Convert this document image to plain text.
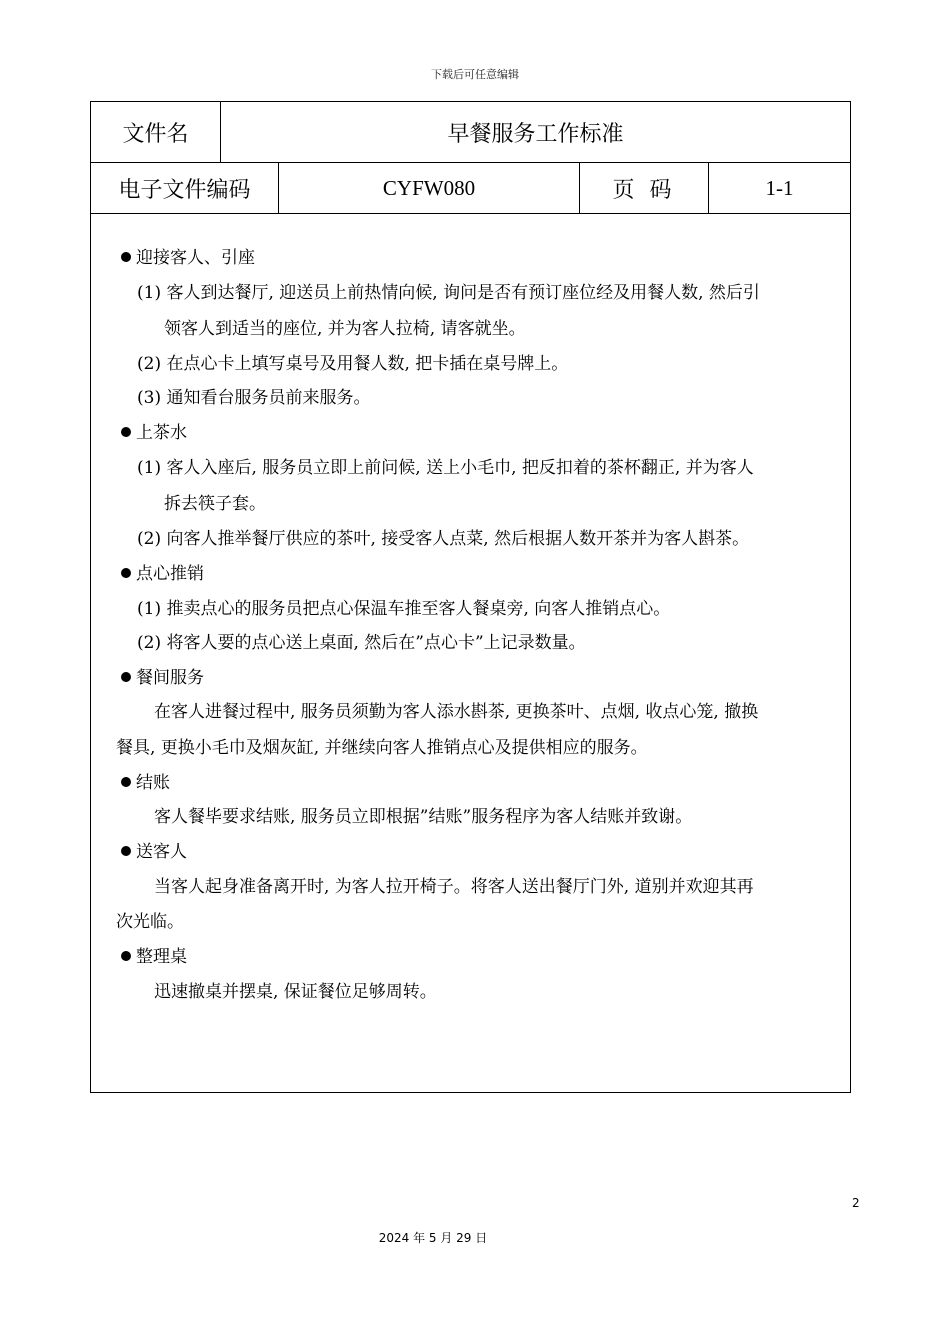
下载后可任意编辑
文件名	早餐服务工作标准
电子文件编码	CYFW080	页 码	1-1
迎接客人、引座
(1) 客人到达餐厅, 迎送员上前热情向候, 询问是否有预订座位经及用餐人数, 然后引
领客人到适当的座位, 并为客人拉椅, 请客就坐。
(2) 在点心卡上填写桌号及用餐人数, 把卡插在桌号牌上。
(3) 通知看台服务员前来服务。
上茶水
(1) 客人入座后, 服务员立即上前问候, 送上小毛巾, 把反扣着的茶杯翻正, 并为客人
拆去筷子套。
(2) 向客人推举餐厅供应的茶叶, 接受客人点菜, 然后根据人数开茶并为客人斟茶。
点心推销
(1) 推卖点心的服务员把点心保温车推至客人餐桌旁, 向客人推销点心。
(2) 将客人要的点心送上桌面, 然后在”点心卡”上记录数量。
餐间服务
在客人进餐过程中, 服务员须勤为客人添水斟茶, 更换茶叶、点烟, 收点心笼, 撤换
餐具, 更换小毛巾及烟灰缸, 并继续向客人推销点心及提供相应的服务。
结账
客人餐毕要求结账, 服务员立即根据”结账”服务程序为客人结账并致谢。
送客人
当客人起身准备离开时, 为客人拉开椅子。将客人送出餐厅门外, 道别并欢迎其再
次光临。
整理桌
迅速撤桌并摆桌, 保证餐位足够周转。
2
2024 年 5 月 29 日
